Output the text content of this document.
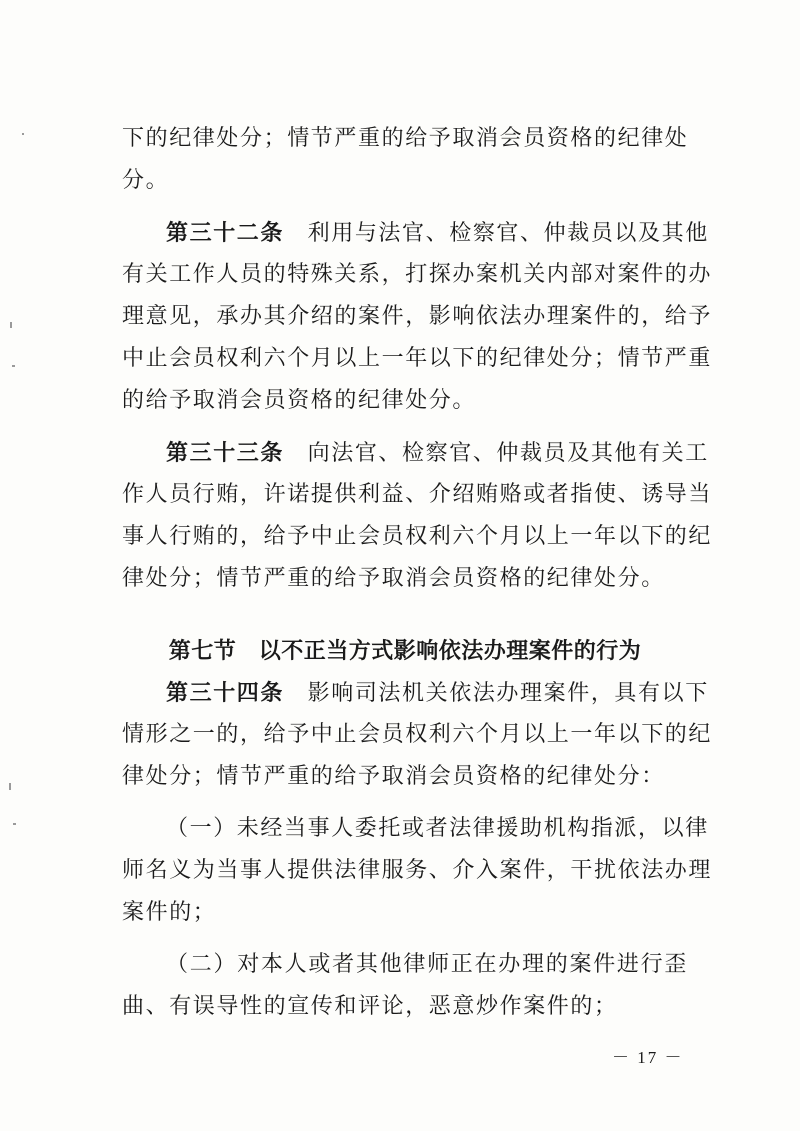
下的纪律处分；情节严重的给予取消会员资格的纪律处
分。
第三十二条　 利用与法官、检察官、仲裁员以及其他
有关工作人员的特殊关系，打探办案机关内部对案件的办
理意见，承办其介绍的案件，影响依法办理案件的，给予
中止会员权利六个月以上一年以下的纪律处分；情节严重
的给予取消会员资格的纪律处分。
第三十三条　 向法官、检察官、仲裁员及其他有关工
作人员行贿，许诺提供利益、介绍贿赂或者指使、诱导当
事人行贿的，给予中止会员权利六个月以上一年以下的纪
律处分；情节严重的给予取消会员资格的纪律处分。
第七节　 以不正当方式影响依法办理案件的行为
第三十四条　 影响司法机关依法办理案件，具有以下
情形之一的，给予中止会员权利六个月以上一年以下的纪
律处分；情节严重的给予取消会员资格的纪律处分：
（一）未经当事人委托或者法律援助机构指派，以律
师名义为当事人提供法律服务、介入案件，干扰依法办理
案件的；
（二）对本人或者其他律师正在办理的案件进行歪
曲、有误导性的宣传和评论，恶意炒作案件的；
－ 17 －
